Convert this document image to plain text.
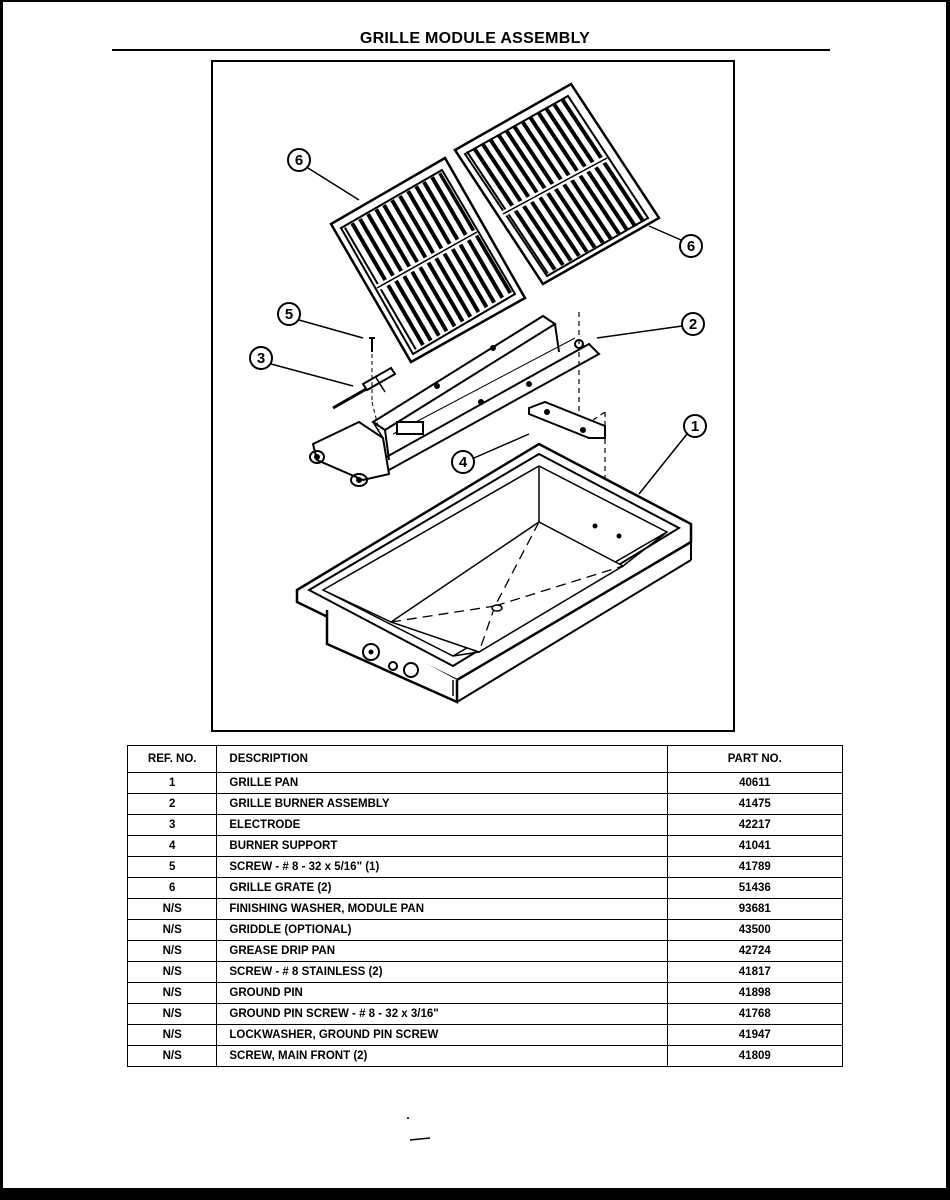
GRILLE MODULE ASSEMBLY
6
6
5
3
2
4
1
REF. NO.	DESCRIPTION	PART NO.
1	GRILLE PAN	40611
2	GRILLE BURNER ASSEMBLY	41475
3	ELECTRODE	42217
4	BURNER SUPPORT	41041
5	SCREW - # 8 - 32 x 5/16" (1)	41789
6	GRILLE GRATE (2)	51436
N/S	FINISHING WASHER, MODULE PAN	93681
N/S	GRIDDLE (OPTIONAL)	43500
N/S	GREASE DRIP PAN	42724
N/S	SCREW - # 8 STAINLESS (2)	41817
N/S	GROUND PIN	41898
N/S	GROUND PIN SCREW - # 8 - 32 x 3/16"	41768
N/S	LOCKWASHER, GROUND PIN SCREW	41947
N/S	SCREW, MAIN FRONT (2)	41809
